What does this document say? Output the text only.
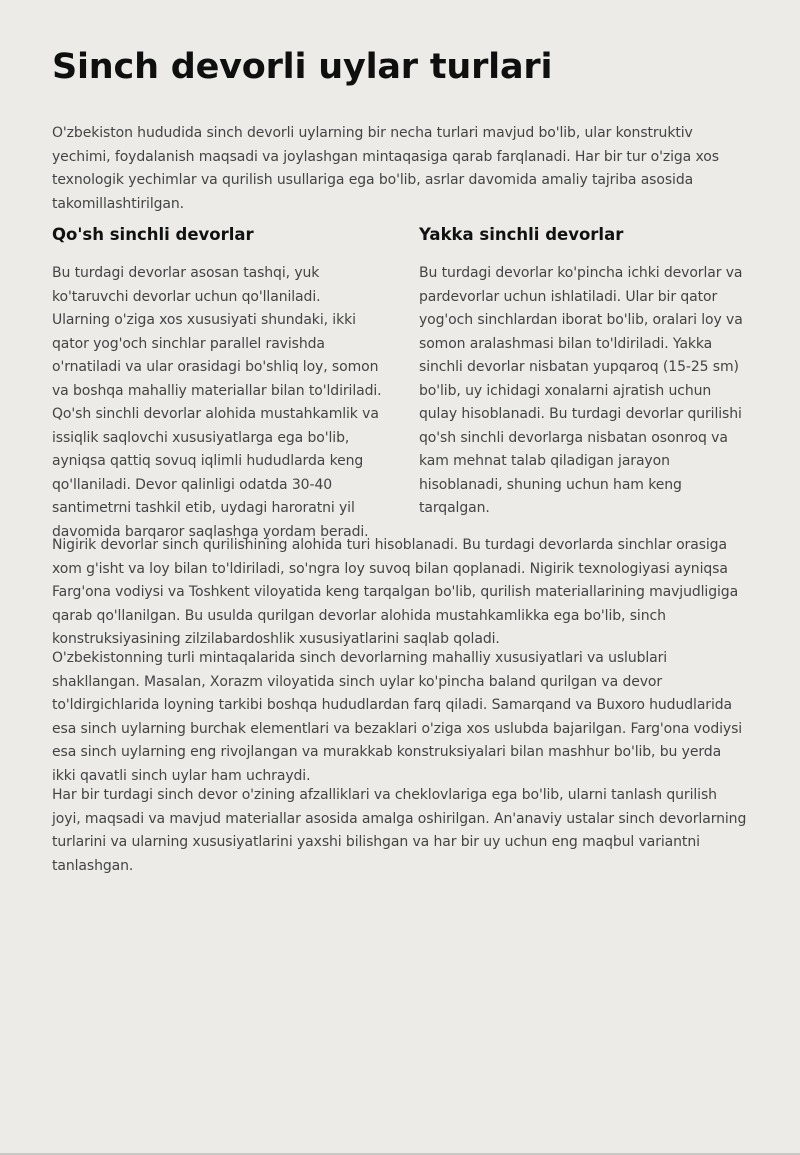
Sinch devorli uylar turlari

O'zbekiston hududida sinch devorli uylarning bir necha turlari mavjud bo'lib, ular konstruktiv yechimi, foydalanish maqsadi va joylashgan mintaqasiga qarab farqlanadi. Har bir tur o'ziga xos texnologik yechimlar va qurilish usullariga ega bo'lib, asrlar davomida amaliy tajriba asosida takomillashtirilgan.

Qo'sh sinchli devorlar

Bu turdagi devorlar asosan tashqi, yuk ko'taruvchi devorlar uchun qo'llaniladi. Ularning o'ziga xos xususiyati shundaki, ikki qator yog'och sinchlar parallel ravishda o'rnatiladi va ular orasidagi bo'shliq loy, somon va boshqa mahalliy materiallar bilan to'ldiriladi. Qo'sh sinchli devorlar alohida mustahkamlik va issiqlik saqlovchi xususiyatlarga ega bo'lib, ayniqsa qattiq sovuq iqlimli hududlarda keng qo'llaniladi. Devor qalinligi odatda 30-40 santimetrni tashkil etib, uydagi haroratni yil davomida barqaror saqlashga yordam beradi.

Yakka sinchli devorlar

Bu turdagi devorlar ko'pincha ichki devorlar va pardevorlar uchun ishlatiladi. Ular bir qator yog'och sinchlardan iborat bo'lib, oralari loy va somon aralashmasi bilan to'ldiriladi. Yakka sinchli devorlar nisbatan yupqaroq (15-25 sm) bo'lib, uy ichidagi xonalarni ajratish uchun qulay hisoblanadi. Bu turdagi devorlar qurilishi qo'sh sinchli devorlarga nisbatan osonroq va kam mehnat talab qiladigan jarayon hisoblanadi, shuning uchun ham keng tarqalgan.

Nigirik devorlar sinch qurilishining alohida turi hisoblanadi. Bu turdagi devorlarda sinchlar orasiga xom g'isht va loy bilan to'ldiriladi, so'ngra loy suvoq bilan qoplanadi. Nigirik texnologiyasi ayniqsa Farg'ona vodiysi va Toshkent viloyatida keng tarqalgan bo'lib, qurilish materiallarining mavjudligiga qarab qo'llanilgan. Bu usulda qurilgan devorlar alohida mustahkamlikka ega bo'lib, sinch konstruksiyasining zilzilabardoshlik xususiyatlarini saqlab qoladi.

O'zbekistonning turli mintaqalarida sinch devorlarning mahalliy xususiyatlari va uslublari shakllangan. Masalan, Xorazm viloyatida sinch uylar ko'pincha baland qurilgan va devor to'ldirgichlarida loyning tarkibi boshqa hududlardan farq qiladi. Samarqand va Buxoro hududlarida esa sinch uylarning burchak elementlari va bezaklari o'ziga xos uslubda bajarilgan. Farg'ona vodiysi esa sinch uylarning eng rivojlangan va murakkab konstruksiyalari bilan mashhur bo'lib, bu yerda ikki qavatli sinch uylar ham uchraydi.

Har bir turdagi sinch devor o'zining afzalliklari va cheklovlariga ega bo'lib, ularni tanlash qurilish joyi, maqsadi va mavjud materiallar asosida amalga oshirilgan. An'anaviy ustalar sinch devorlarning turlarini va ularning xususiyatlarini yaxshi bilishgan va har bir uy uchun eng maqbul variantni tanlashgan.
